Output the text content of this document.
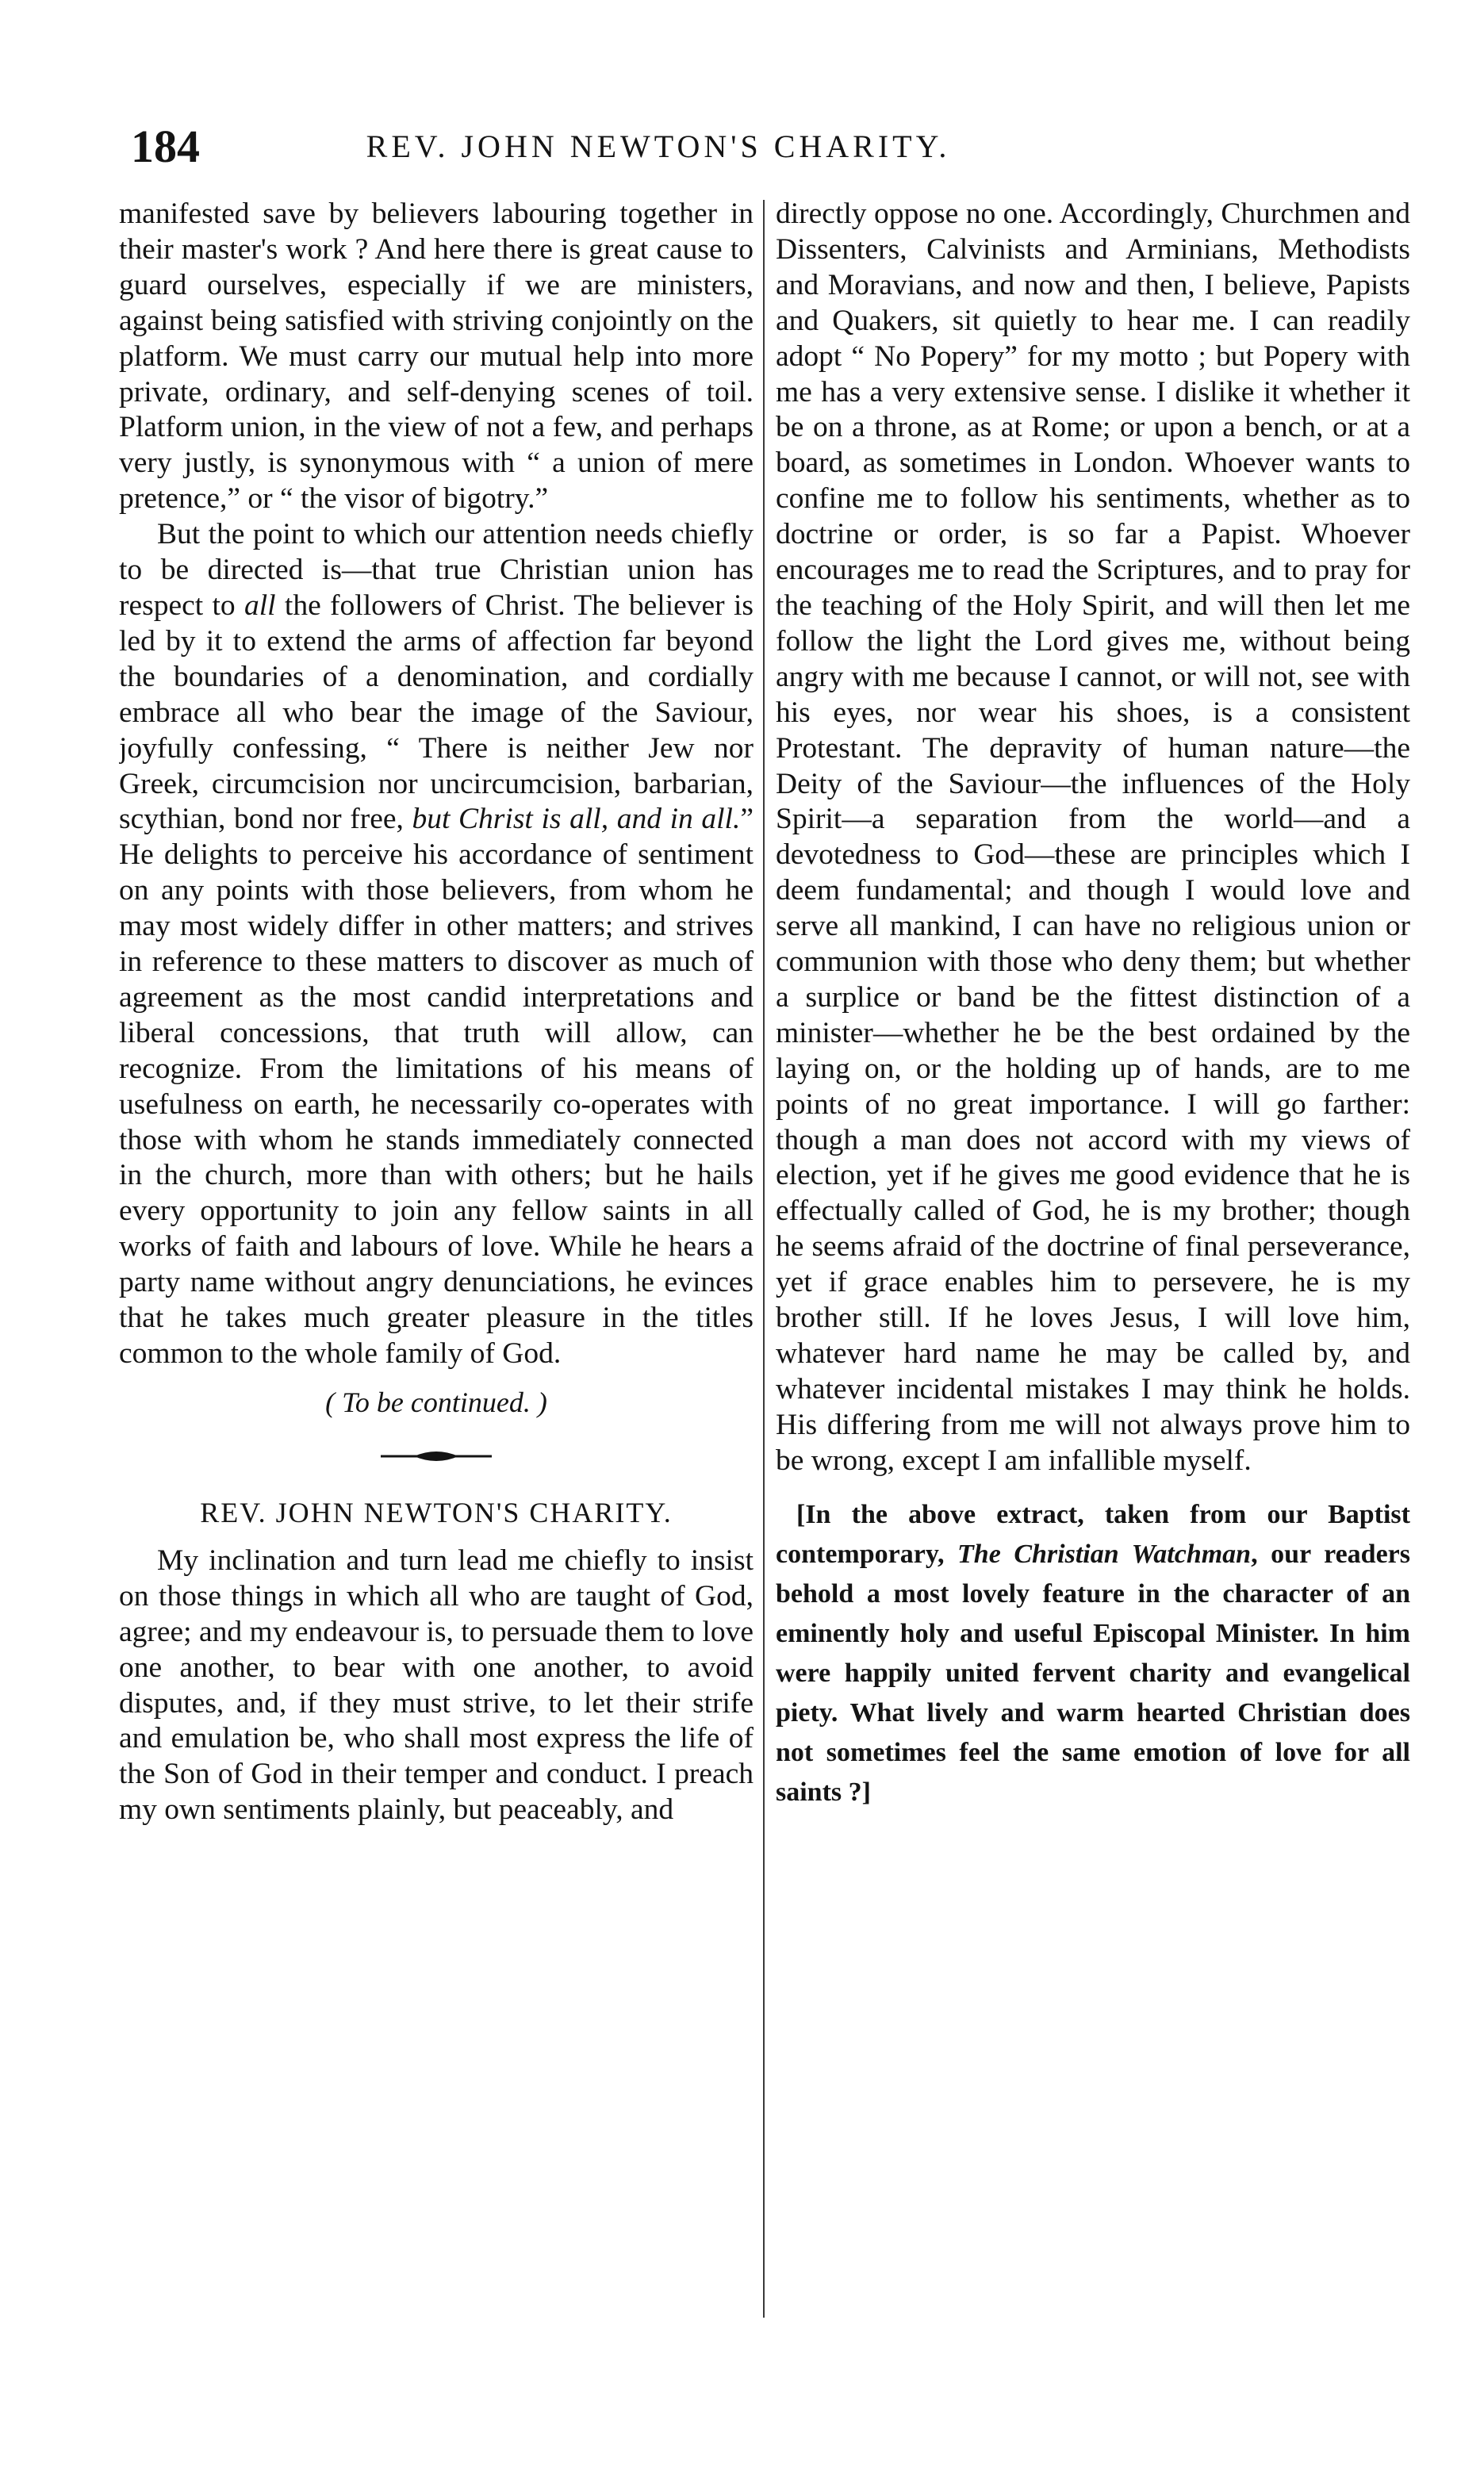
184	REV. JOHN NEWTON'S CHARITY.

manifested save by believers labouring together in their master's work ? And here there is great cause to guard ourselves, especially if we are ministers, against being satisfied with striving conjointly on the platform. We must carry our mutual help into more private, ordinary, and self-denying scenes of toil. Platform union, in the view of not a few, and perhaps very justly, is synonymous with “ a union of mere pretence,” or “ the visor of bigotry.”

But the point to which our attention needs chiefly to be directed is—that true Christian union has respect to all the followers of Christ. The believer is led by it to extend the arms of affection far beyond the boundaries of a denomination, and cordially embrace all who bear the image of the Saviour, joyfully confessing, “ There is neither Jew nor Greek, circumcision nor uncircumcision, barbarian, scythian, bond nor free, but Christ is all, and in all.” He delights to perceive his accordance of sentiment on any points with those believers, from whom he may most widely differ in other matters; and strives in reference to these matters to discover as much of agreement as the most candid interpretations and liberal concessions, that truth will allow, can recognize. From the limitations of his means of usefulness on earth, he necessarily co-operates with those with whom he stands immediately connected in the church, more than with others; but he hails every opportunity to join any fellow saints in all works of faith and labours of love. While he hears a party name without angry denunciations, he evinces that he takes much greater pleasure in the titles common to the whole family of God.

( To be continued. )

REV. JOHN NEWTON'S CHARITY.

My inclination and turn lead me chiefly to insist on those things in which all who are taught of God, agree; and my endeavour is, to persuade them to love one another, to bear with one another, to avoid disputes, and, if they must strive, to let their strife and emulation be, who shall most express the life of the Son of God in their temper and conduct. I preach my own sentiments plainly, but peaceably, and

directly oppose no one. Accordingly, Churchmen and Dissenters, Calvinists and Arminians, Methodists and Moravians, and now and then, I believe, Papists and Quakers, sit quietly to hear me. I can readily adopt “ No Popery” for my motto ; but Popery with me has a very extensive sense. I dislike it whether it be on a throne, as at Rome; or upon a bench, or at a board, as sometimes in London. Whoever wants to confine me to follow his sentiments, whether as to doctrine or order, is so far a Papist. Whoever encourages me to read the Scriptures, and to pray for the teaching of the Holy Spirit, and will then let me follow the light the Lord gives me, without being angry with me because I cannot, or will not, see with his eyes, nor wear his shoes, is a consistent Protestant. The depravity of human nature—the Deity of the Saviour—the influences of the Holy Spirit—a separation from the world—and a devotedness to God—these are principles which I deem fundamental; and though I would love and serve all mankind, I can have no religious union or communion with those who deny them; but whether a surplice or band be the fittest distinction of a minister—whether he be the best ordained by the laying on, or the holding up of hands, are to me points of no great importance. I will go farther: though a man does not accord with my views of election, yet if he gives me good evidence that he is effectually called of God, he is my brother; though he seems afraid of the doctrine of final perseverance, yet if grace enables him to persevere, he is my brother still. If he loves Jesus, I will love him, whatever hard name he may be called by, and whatever incidental mistakes I may think he holds. His differing from me will not always prove him to be wrong, except I am infallible myself.

[In the above extract, taken from our Baptist contemporary, The Christian Watchman, our readers behold a most lovely feature in the character of an eminently holy and useful Episcopal Minister. In him were happily united fervent charity and evangelical piety. What lively and warm hearted Christian does not sometimes feel the same emotion of love for all saints ?]
